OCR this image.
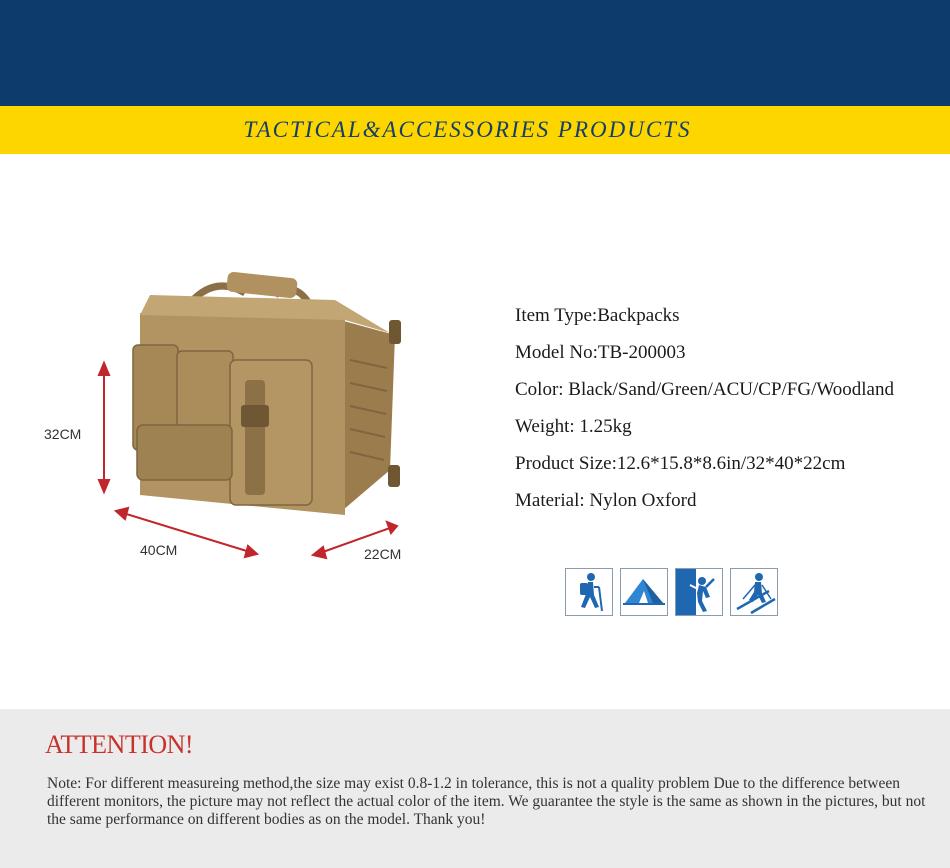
TACTICAL&ACCESSORIES PRODUCTS
32CM
40CM	22CM
Item Type:Backpacks
Model No:TB-200003
Color: Black/Sand/Green/ACU/CP/FG/Woodland
Weight: 1.25kg
Product Size:12.6*15.8*8.6in/32*40*22cm
Material: Nylon Oxford
ATTENTION!
Note: For different measureing method,the size may exist 0.8-1.2 in tolerance, this is not a quality problem Due to the difference between different monitors, the picture may not reflect the actual color of the item. We guarantee the style is the same as shown in the pictures, but not the same performance on different bodies as on the model. Thank you!
